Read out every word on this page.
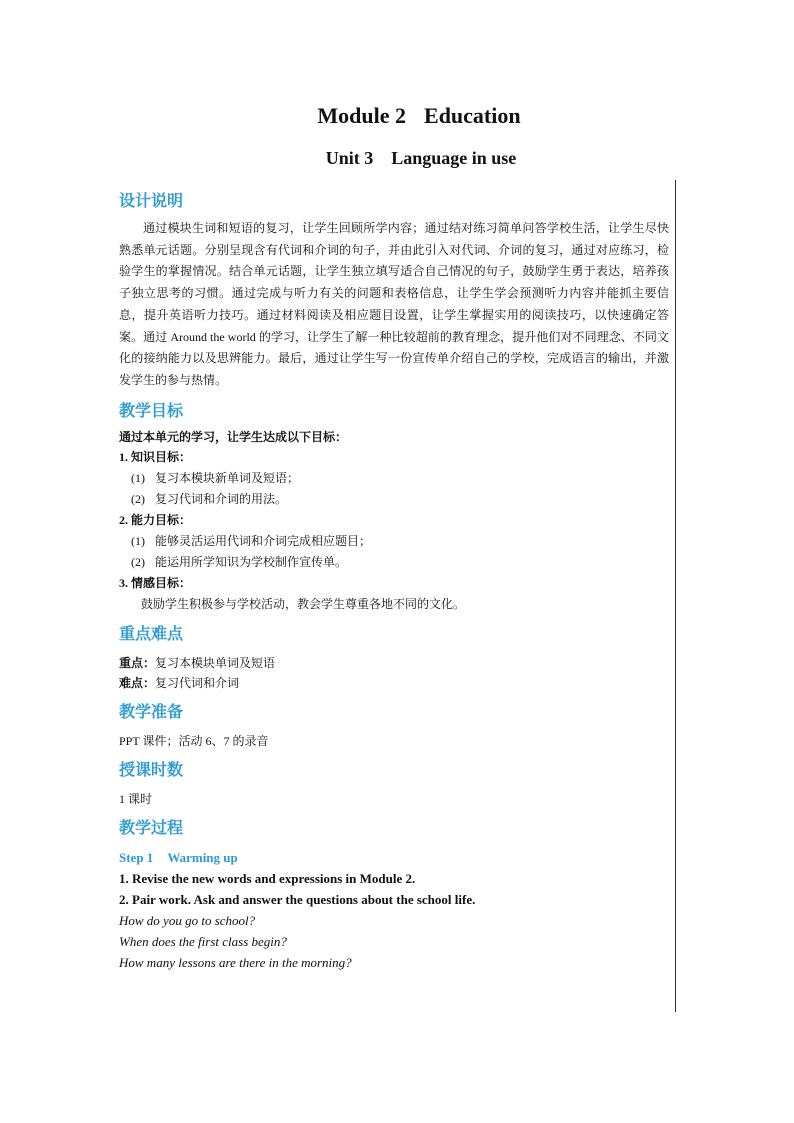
Module 2 Education
Unit 3 Language in use
设计说明

通过模块生词和短语的复习，让学生回顾所学内容；通过结对练习简单问答学校生活，让学生尽快熟悉单元话题。分别呈现含有代词和介词的句子，并由此引入对代词、介词的复习，通过对应练习，检验学生的掌握情况。结合单元话题，让学生独立填写适合自己情况的句子，鼓励学生勇于表达，培养孩子独立思考的习惯。通过完成与听力有关的问题和表格信息，让学生学会预测听力内容并能抓主要信息，提升英语听力技巧。通过材料阅读及相应题目设置，让学生掌握实用的阅读技巧，以快速确定答案。通过 Around the world 的学习，让学生了解一种比较超前的教育理念，提升他们对不同理念、不同文化的接纳能力以及思辨能力。最后，通过让学生写一份宣传单介绍自己的学校，完成语言的输出，并激发学生的参与热情。

教学目标

通过本单元的学习，让学生达成以下目标：

1. 知识目标：

(1) 复习本模块新单词及短语；

(2) 复习代词和介词的用法。

2. 能力目标：

(1) 能够灵活运用代词和介词完成相应题目；

(2) 能运用所学知识为学校制作宣传单。

3. 情感目标：

鼓励学生积极参与学校活动，教会学生尊重各地不同的文化。

重点难点

重点：复习本模块单词及短语

难点：复习代词和介词

教学准备

PPT 课件；活动 6、7 的录音

授课时数

1 课时

教学过程

Step 1 Warming up

1. Revise the new words and expressions in Module 2.

2. Pair work. Ask and answer the questions about the school life.

How do you go to school?

When does the first class begin?

How many lessons are there in the morning?
